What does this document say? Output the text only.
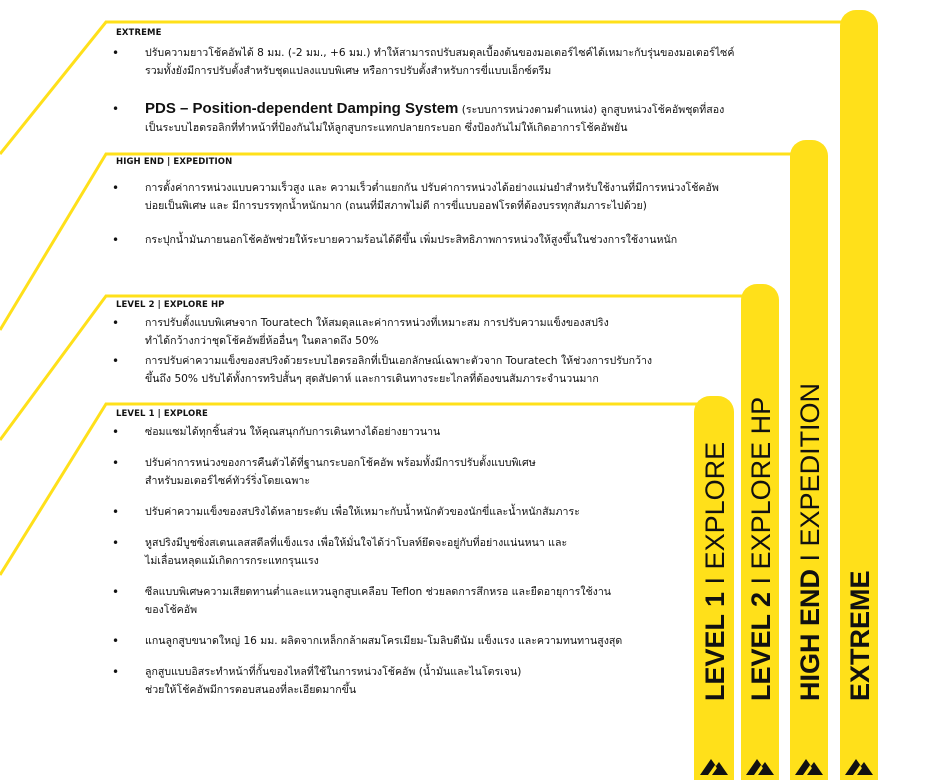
EXTREME
• ปรับความยาวโช้คอัพได้ 8 มม. (-2 มม., +6 มม.) ทำให้สามารถปรับสมดุลเบื้องต้นของมอเตอร์ไซค์ได้เหมาะกับรุ่นของมอเตอร์ไซค์
รวมทั้งยังมีการปรับตั้งสำหรับชุดแปลงแบบพิเศษ หรือการปรับตั้งสำหรับการขี่แบบเอ็กซ์ตรีม
• PDS – Position-dependent Damping System (ระบบการหน่วงตามตำแหน่ง) ลูกสูบหน่วงโช้คอัพชุดที่สอง
เป็นระบบไฮดรอลิกที่ทำหน้าที่ป้องกันไม่ให้ลูกสูบกระแทกปลายกระบอก ซึ่งป้องกันไม่ให้เกิดอาการโช้คอัพยัน
HIGH END | EXPEDITION
• การตั้งค่าการหน่วงแบบความเร็วสูง และ ความเร็วต่ำแยกกัน ปรับค่าการหน่วงได้อย่างแม่นยำสำหรับใช้งานที่มีการหน่วงโช้คอัพ
บ่อยเป็นพิเศษ และ มีการบรรทุกน้ำหนักมาก (ถนนที่มีสภาพไม่ดี การขี่แบบออฟโรดที่ต้องบรรทุกสัมภาระไปด้วย)
• กระปุกน้ำมันภายนอกโช้คอัพช่วยให้ระบายความร้อนได้ดีขึ้น เพิ่มประสิทธิภาพการหน่วงให้สูงขึ้นในช่วงการใช้งานหนัก
LEVEL 2 | EXPLORE HP
• การปรับตั้งแบบพิเศษจาก Touratech ให้สมดุลและค่าการหน่วงที่เหมาะสม การปรับความแข็งของสปริง
ทำได้กว้างกว่าชุดโช้คอัพยี่ห้ออื่นๆ ในตลาดถึง 50%
• การปรับค่าความแข็งของสปริงด้วยระบบไฮดรอลิกที่เป็นเอกลักษณ์เฉพาะตัวจาก Touratech ให้ช่วงการปรับกว้าง
ขึ้นถึง 50% ปรับได้ทั้งการทริปสั้นๆ สุดสัปดาห์ และการเดินทางระยะไกลที่ต้องขนสัมภาระจำนวนมาก
LEVEL 1 | EXPLORE
• ซ่อมแซมได้ทุกชิ้นส่วน ให้คุณสนุกกับการเดินทางได้อย่างยาวนาน
• ปรับค่าการหน่วงของการคืนตัวได้ที่ฐานกระบอกโช้คอัพ พร้อมทั้งมีการปรับตั้งแบบพิเศษ
สำหรับมอเตอร์ไซค์ทัวร์ริ่งโดยเฉพาะ
• ปรับค่าความแข็งของสปริงได้หลายระดับ เพื่อให้เหมาะกับน้ำหนักตัวของนักขี่และน้ำหนักสัมภาระ
• หูสปริงมีบูชซิ่งสเตนเลสสตีลที่แข็งแรง เพื่อให้มั่นใจได้ว่าโบลท์ยึดจะอยู่กับที่อย่างแน่นหนา และ
ไม่เลื่อนหลุดแม้เกิดการกระแทกรุนแรง
• ซีลแบบพิเศษความเสียดทานต่ำและแหวนลูกสูบเคลือบ Teflon ช่วยลดการสึกหรอ และยืดอายุการใช้งาน
ของโช้คอัพ
• แกนลูกสูบขนาดใหญ่ 16 มม. ผลิตจากเหล็กกล้าผสมโครเมียม-โมลิบดีนัม แข็งแรง และความทนทานสูงสุด
• ลูกสูบแบบอิสระทำหน้าที่กั้นของไหลที่ใช้ในการหน่วงโช้คอัพ (น้ำมันและไนโตรเจน)
ช่วยให้โช้คอัพมีการตอบสนองที่ละเอียดมากขึ้น	LEVEL 1 I EXPLORE
LEVEL 2 I EXPLORE HP
HIGH END I EXPEDITION
EXTREME
